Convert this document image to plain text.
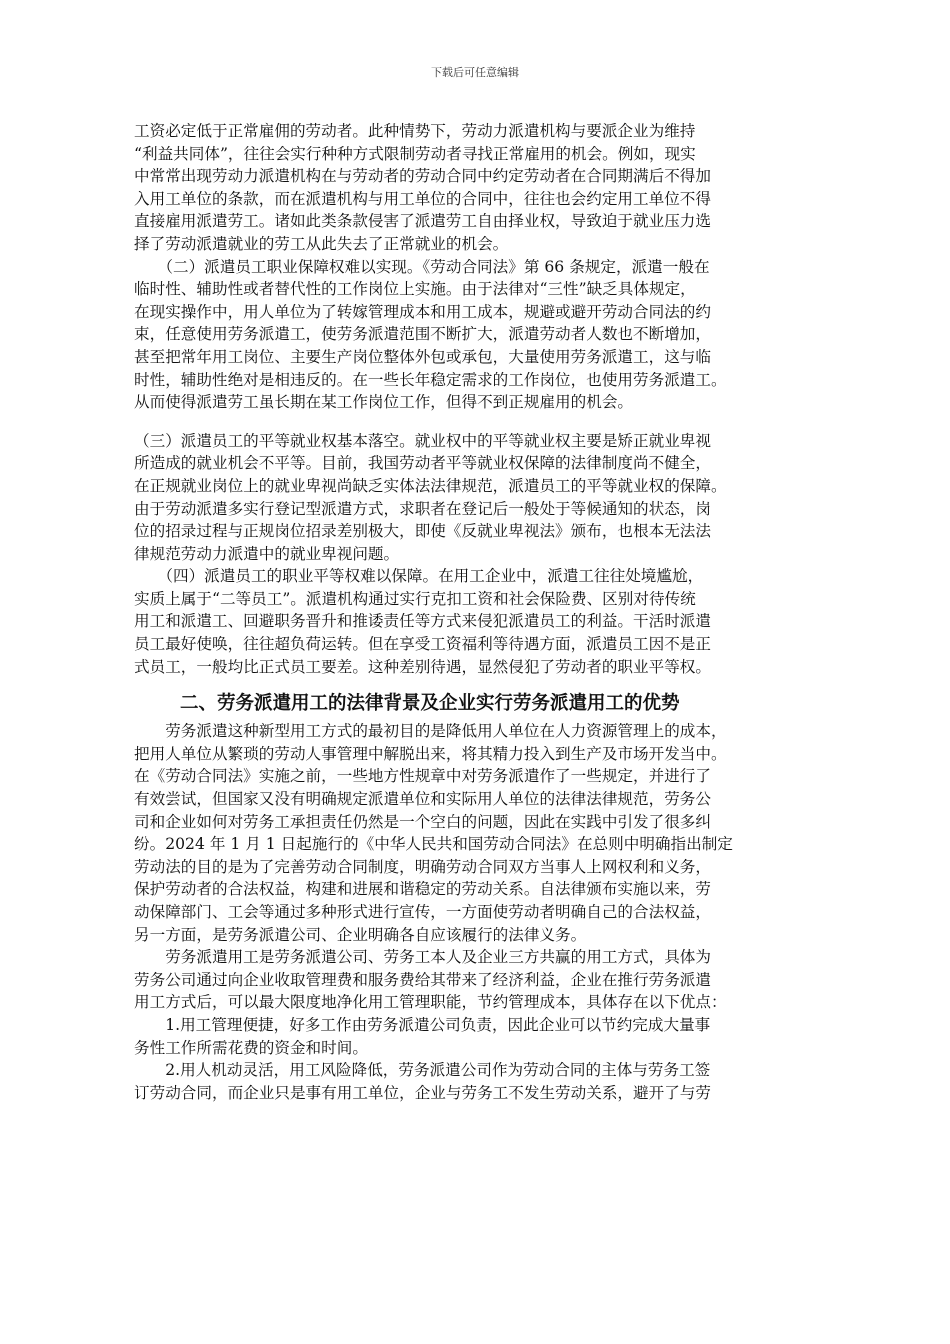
下载后可任意编辑
工资必定低于正常雇佣的劳动者。此种情势下，劳动力派遣机构与要派企业为维持
“利益共同体”，往往会实行种种方式限制劳动者寻找正常雇用的机会。例如，现实
中常常出现劳动力派遣机构在与劳动者的劳动合同中约定劳动者在合同期满后不得加
入用工单位的条款，而在派遣机构与用工单位的合同中，往往也会约定用工单位不得
直接雇用派遣劳工。诸如此类条款侵害了派遣劳工自由择业权，导致迫于就业压力选
择了劳动派遣就业的劳工从此失去了正常就业的机会。
　　（二）派遣员工职业保障权难以实现。《劳动合同法》第 66 条规定，派遣一般在
临时性、辅助性或者替代性的工作岗位上实施。由于法律对“三性”缺乏具体规定，
在现实操作中，用人单位为了转嫁管理成本和用工成本，规避或避开劳动合同法的约
束，任意使用劳务派遣工，使劳务派遣范围不断扩大，派遣劳动者人数也不断增加，
甚至把常年用工岗位、主要生产岗位整体外包或承包，大量使用劳务派遣工，这与临
时性，辅助性绝对是相违反的。在一些长年稳定需求的工作岗位，也使用劳务派遣工。
从而使得派遣劳工虽长期在某工作岗位工作，但得不到正规雇用的机会。
（三）派遣员工的平等就业权基本落空。就业权中的平等就业权主要是矫正就业卑视
所造成的就业机会不平等。目前，我国劳动者平等就业权保障的法律制度尚不健全，
在正规就业岗位上的就业卑视尚缺乏实体法法律规范，派遣员工的平等就业权的保障。
由于劳动派遣多实行登记型派遣方式，求职者在登记后一般处于等候通知的状态，岗
位的招录过程与正规岗位招录差别极大，即使《反就业卑视法》颁布，也根本无法法
律规范劳动力派遣中的就业卑视问题。
　　（四）派遣员工的职业平等权难以保障。在用工企业中，派遣工往往处境尴尬，
实质上属于“二等员工”。派遣机构通过实行克扣工资和社会保险费、区别对待传统
用工和派遣工、回避职务晋升和推诿责任等方式来侵犯派遣员工的利益。干活时派遣
员工最好使唤，往往超负荷运转。但在享受工资福利等待遇方面，派遣员工因不是正
式员工，一般均比正式员工要差。这种差别待遇，显然侵犯了劳动者的职业平等权。
二、劳务派遣用工的法律背景及企业实行劳务派遣用工的优势
　　劳务派遣这种新型用工方式的最初目的是降低用人单位在人力资源管理上的成本，
把用人单位从繁琐的劳动人事管理中解脱出来，将其精力投入到生产及市场开发当中。
在《劳动合同法》实施之前，一些地方性规章中对劳务派遣作了一些规定，并进行了
有效尝试，但国家又没有明确规定派遣单位和实际用人单位的法律法律规范，劳务公
司和企业如何对劳务工承担责任仍然是一个空白的问题，因此在实践中引发了很多纠
纷。2024 年 1 月 1 日起施行的《中华人民共和国劳动合同法》在总则中明确指出制定
劳动法的目的是为了完善劳动合同制度，明确劳动合同双方当事人上网权利和义务，
保护劳动者的合法权益，构建和进展和谐稳定的劳动关系。自法律颁布实施以来，劳
动保障部门、工会等通过多种形式进行宣传，一方面使劳动者明确自己的合法权益，
另一方面，是劳务派遣公司、企业明确各自应该履行的法律义务。
　　劳务派遣用工是劳务派遣公司、劳务工本人及企业三方共赢的用工方式，具体为
劳务公司通过向企业收取管理费和服务费给其带来了经济利益，企业在推行劳务派遣
用工方式后，可以最大限度地净化用工管理职能，节约管理成本，具体存在以下优点：
　　1.用工管理便捷，好多工作由劳务派遣公司负责，因此企业可以节约完成大量事
务性工作所需花费的资金和时间。
　　2.用人机动灵活，用工风险降低，劳务派遣公司作为劳动合同的主体与劳务工签
订劳动合同，而企业只是事有用工单位，企业与劳务工不发生劳动关系，避开了与劳
